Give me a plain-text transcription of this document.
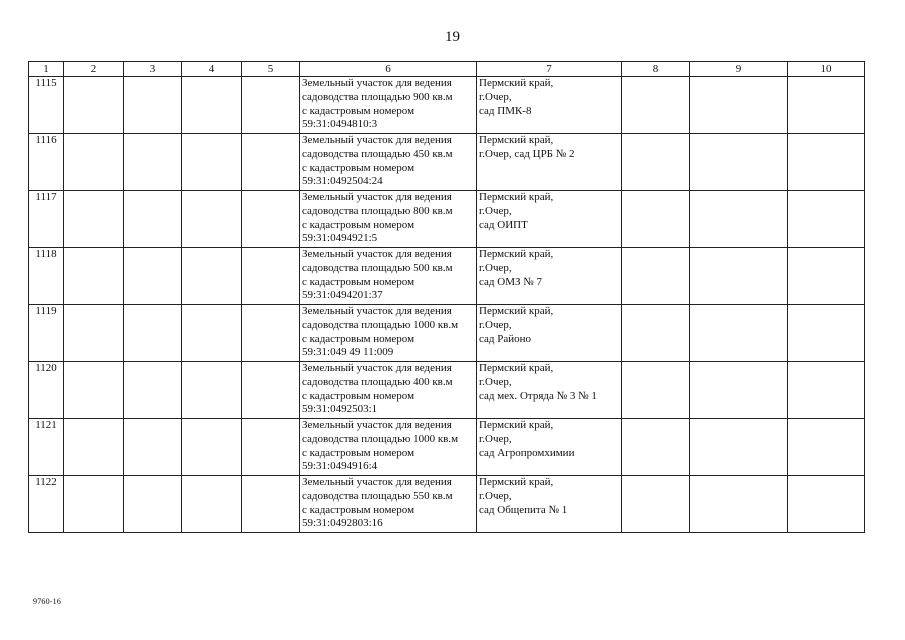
19
1	2	3	4	5	6	7	8	9	10
1115					Земельный участок для ведения
садоводства площадью 900 кв.м
с кадастровым номером
59:31:0494810:3	Пермский край,
г.Очер,
сад ПМК-8			
1116					Земельный участок для ведения
садоводства площадью 450 кв.м
с кадастровым номером
59:31:0492504:24	Пермский край,
г.Очер, сад ЦРБ № 2			
1117					Земельный участок для ведения
садоводства площадью 800 кв.м
с кадастровым номером
59:31:0494921:5	Пермский край,
г.Очер,
сад ОИПТ			
1118					Земельный участок для ведения
садоводства площадью 500 кв.м
с кадастровым номером
59:31:0494201:37	Пермский край,
г.Очер,
сад ОМЗ № 7			
1119					Земельный участок для ведения
садоводства площадью 1000 кв.м
с кадастровым номером
59:31:049 49 11:009	Пермский край,
г.Очер,
сад Районо			
1120					Земельный участок для ведения
садоводства площадью 400 кв.м
с кадастровым номером
59:31:0492503:1	Пермский край,
г.Очер,
сад мех. Отряда № 3 № 1			
1121					Земельный участок для ведения
садоводства площадью 1000 кв.м
с кадастровым номером
59:31:0494916:4	Пермский край,
г.Очер,
сад Агропромхимии			
1122					Земельный участок для ведения
садоводства площадью 550 кв.м
с кадастровым номером
59:31:0492803:16	Пермский край,
г.Очер,
сад Общепита № 1			
9760-16
